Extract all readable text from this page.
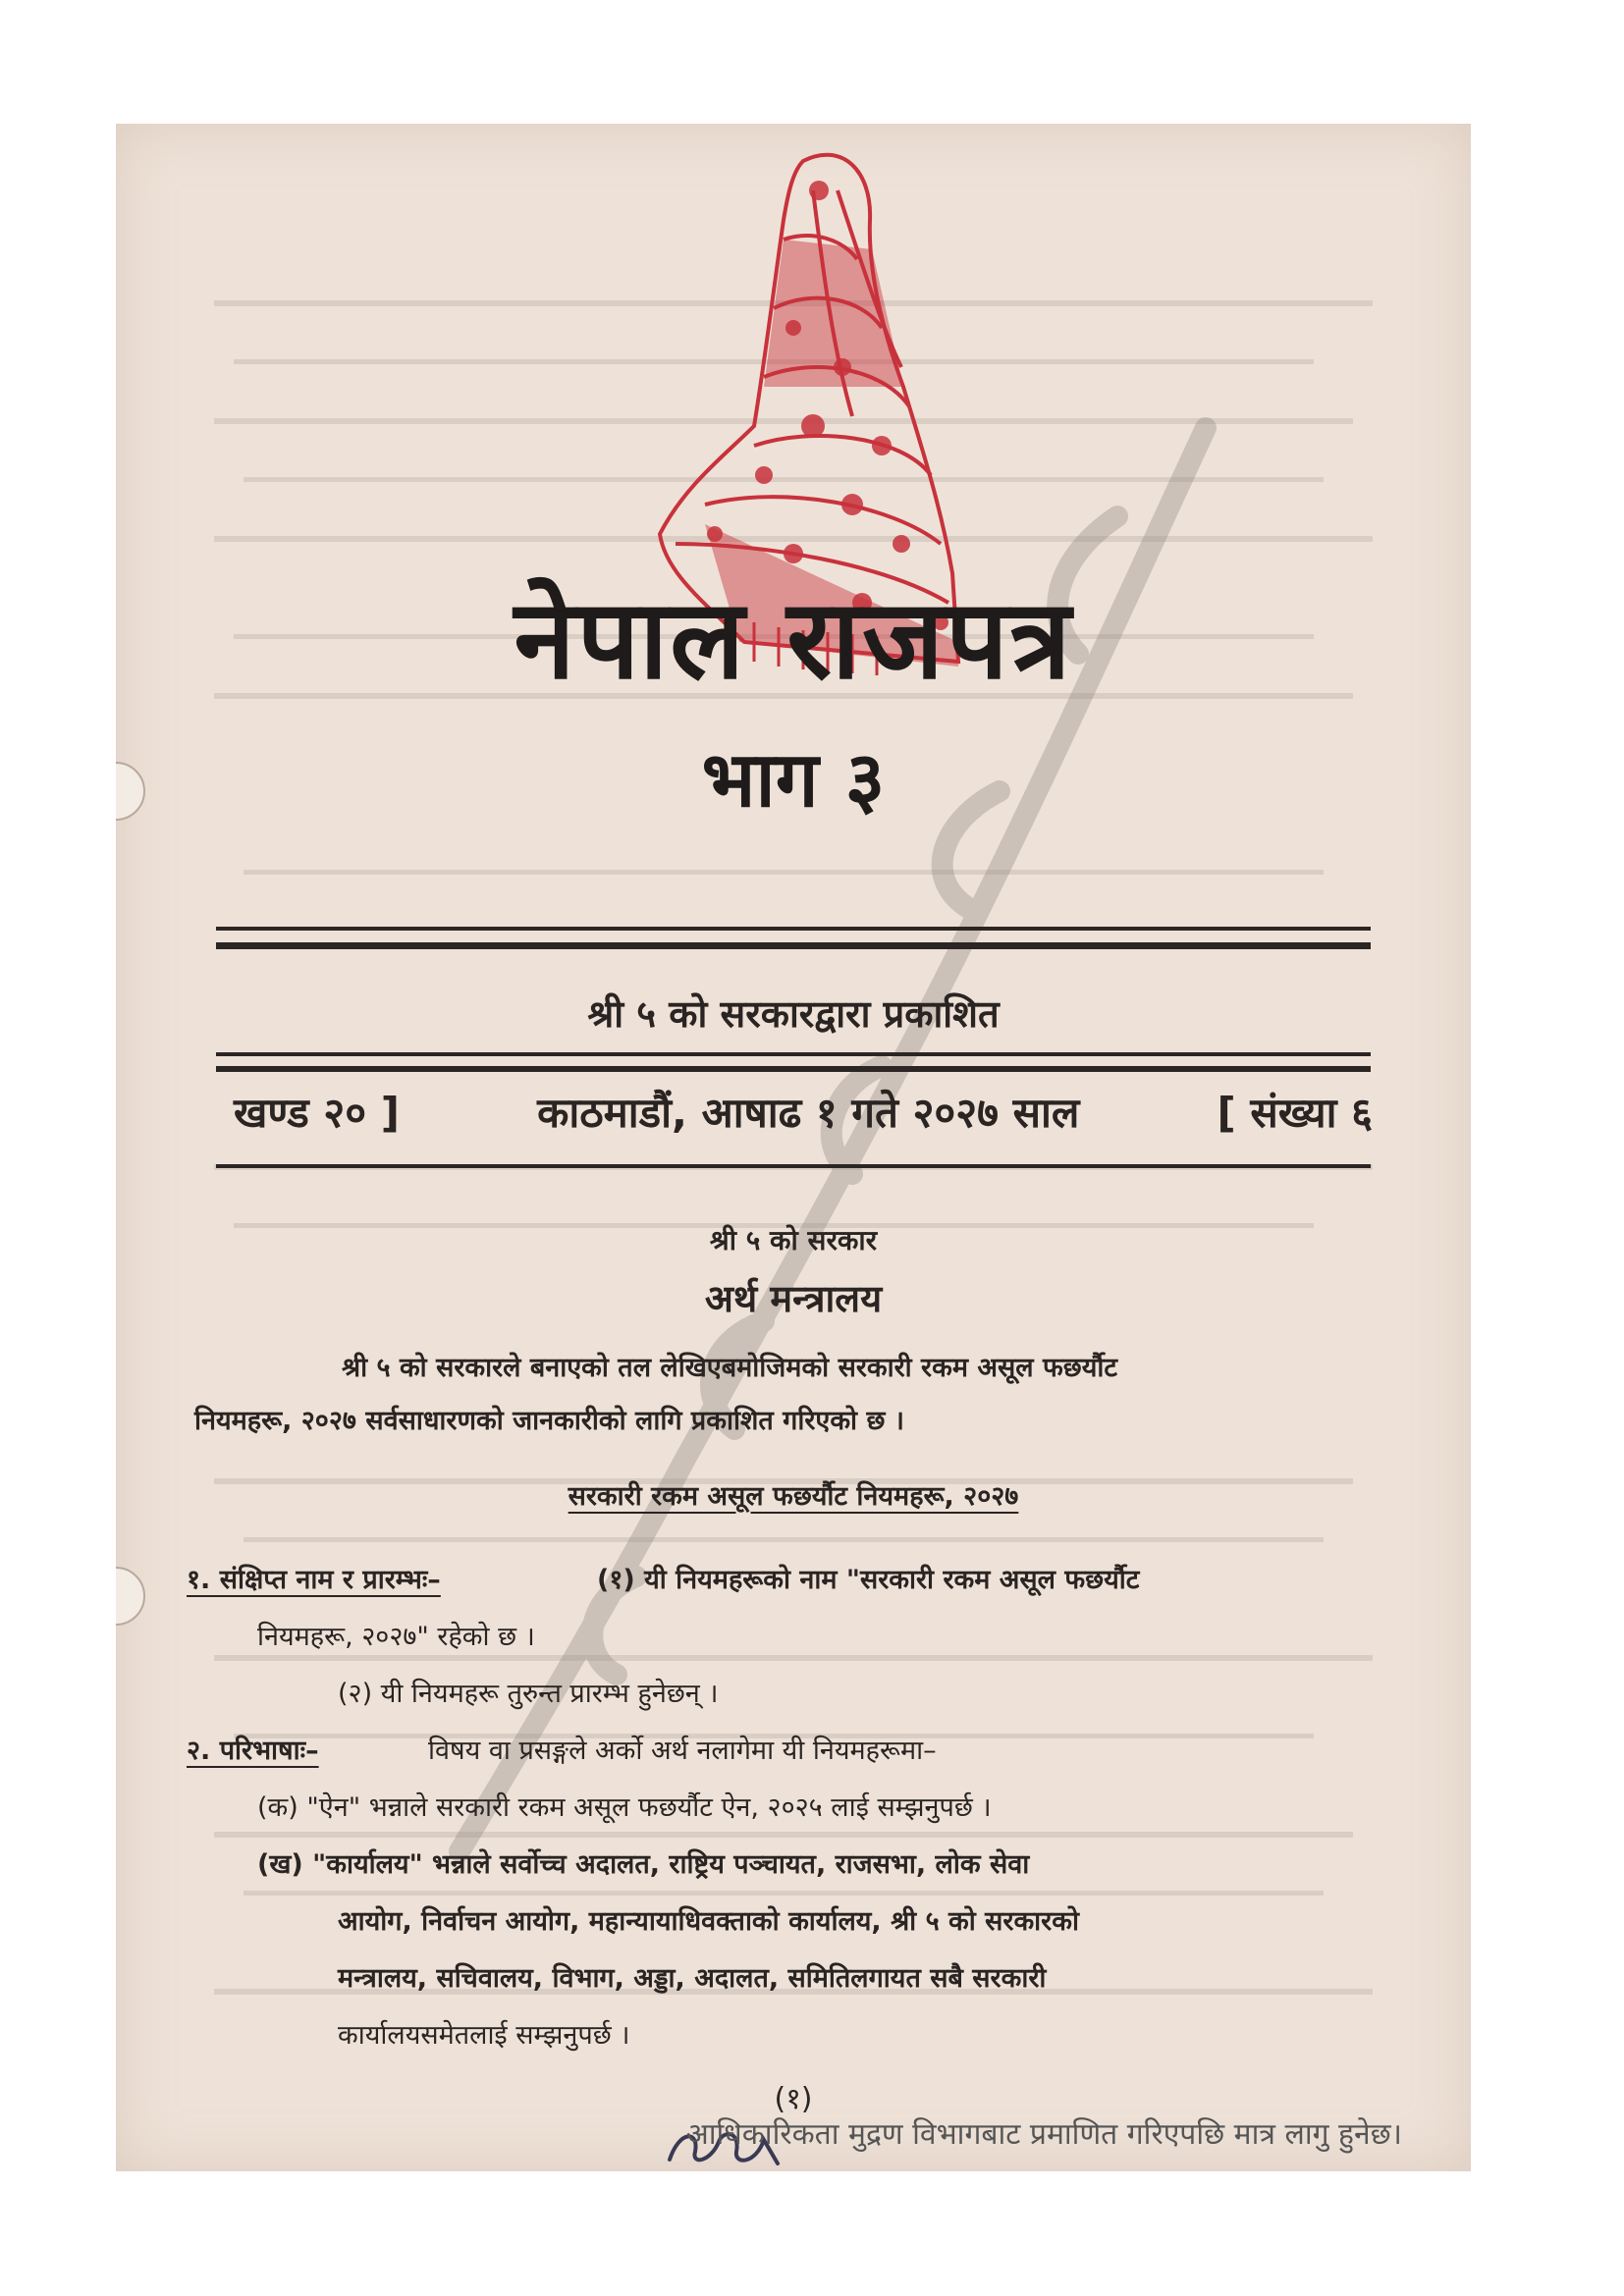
नेपाल राजपत्र
भाग ३
श्री ५ को सरकारद्वारा प्रकाशित
खण्ड २० ]	काठमाडौं, आषाढ १ गते २०२७ साल	[ संख्या ६
श्री ५ को सरकार
अर्थ मन्त्रालय
श्री ५ को सरकारले बनाएको तल लेखिएबमोजिमको सरकारी रकम असूल फछर्यौट
नियमहरू, २०२७ सर्वसाधारणको जानकारीको लागि प्रकाशित गरिएको छ ।
सरकारी रकम असूल फछर्यौट नियमहरू, २०२७
१. संक्षिप्त नाम र प्रारम्भः–	(१) यी नियमहरूको नाम "सरकारी रकम असूल फछर्यौट
नियमहरू, २०२७" रहेको छ ।
(२) यी नियमहरू तुरुन्त प्रारम्भ हुनेछन् ।
२. परिभाषाः–	विषय वा प्रसङ्गले अर्को अर्थ नलागेमा यी नियमहरूमा–
(क) "ऐन" भन्नाले सरकारी रकम असूल फछर्यौट ऐन, २०२५ लाई सम्झनुपर्छ ।
(ख) "कार्यालय" भन्नाले सर्वोच्च अदालत, राष्ट्रिय पञ्चायत, राजसभा, लोक सेवा
आयोग, निर्वाचन आयोग, महान्यायाधिवक्ताको कार्यालय, श्री ५ को सरकारको
मन्त्रालय, सचिवालय, विभाग, अड्डा, अदालत, समितिलगायत सबै सरकारी
कार्यालयसमेतलाई सम्झनुपर्छ ।
(१)
आधिकारिकता मुद्रण विभागबाट प्रमाणित गरिएपछि मात्र लागु हुनेछ।
